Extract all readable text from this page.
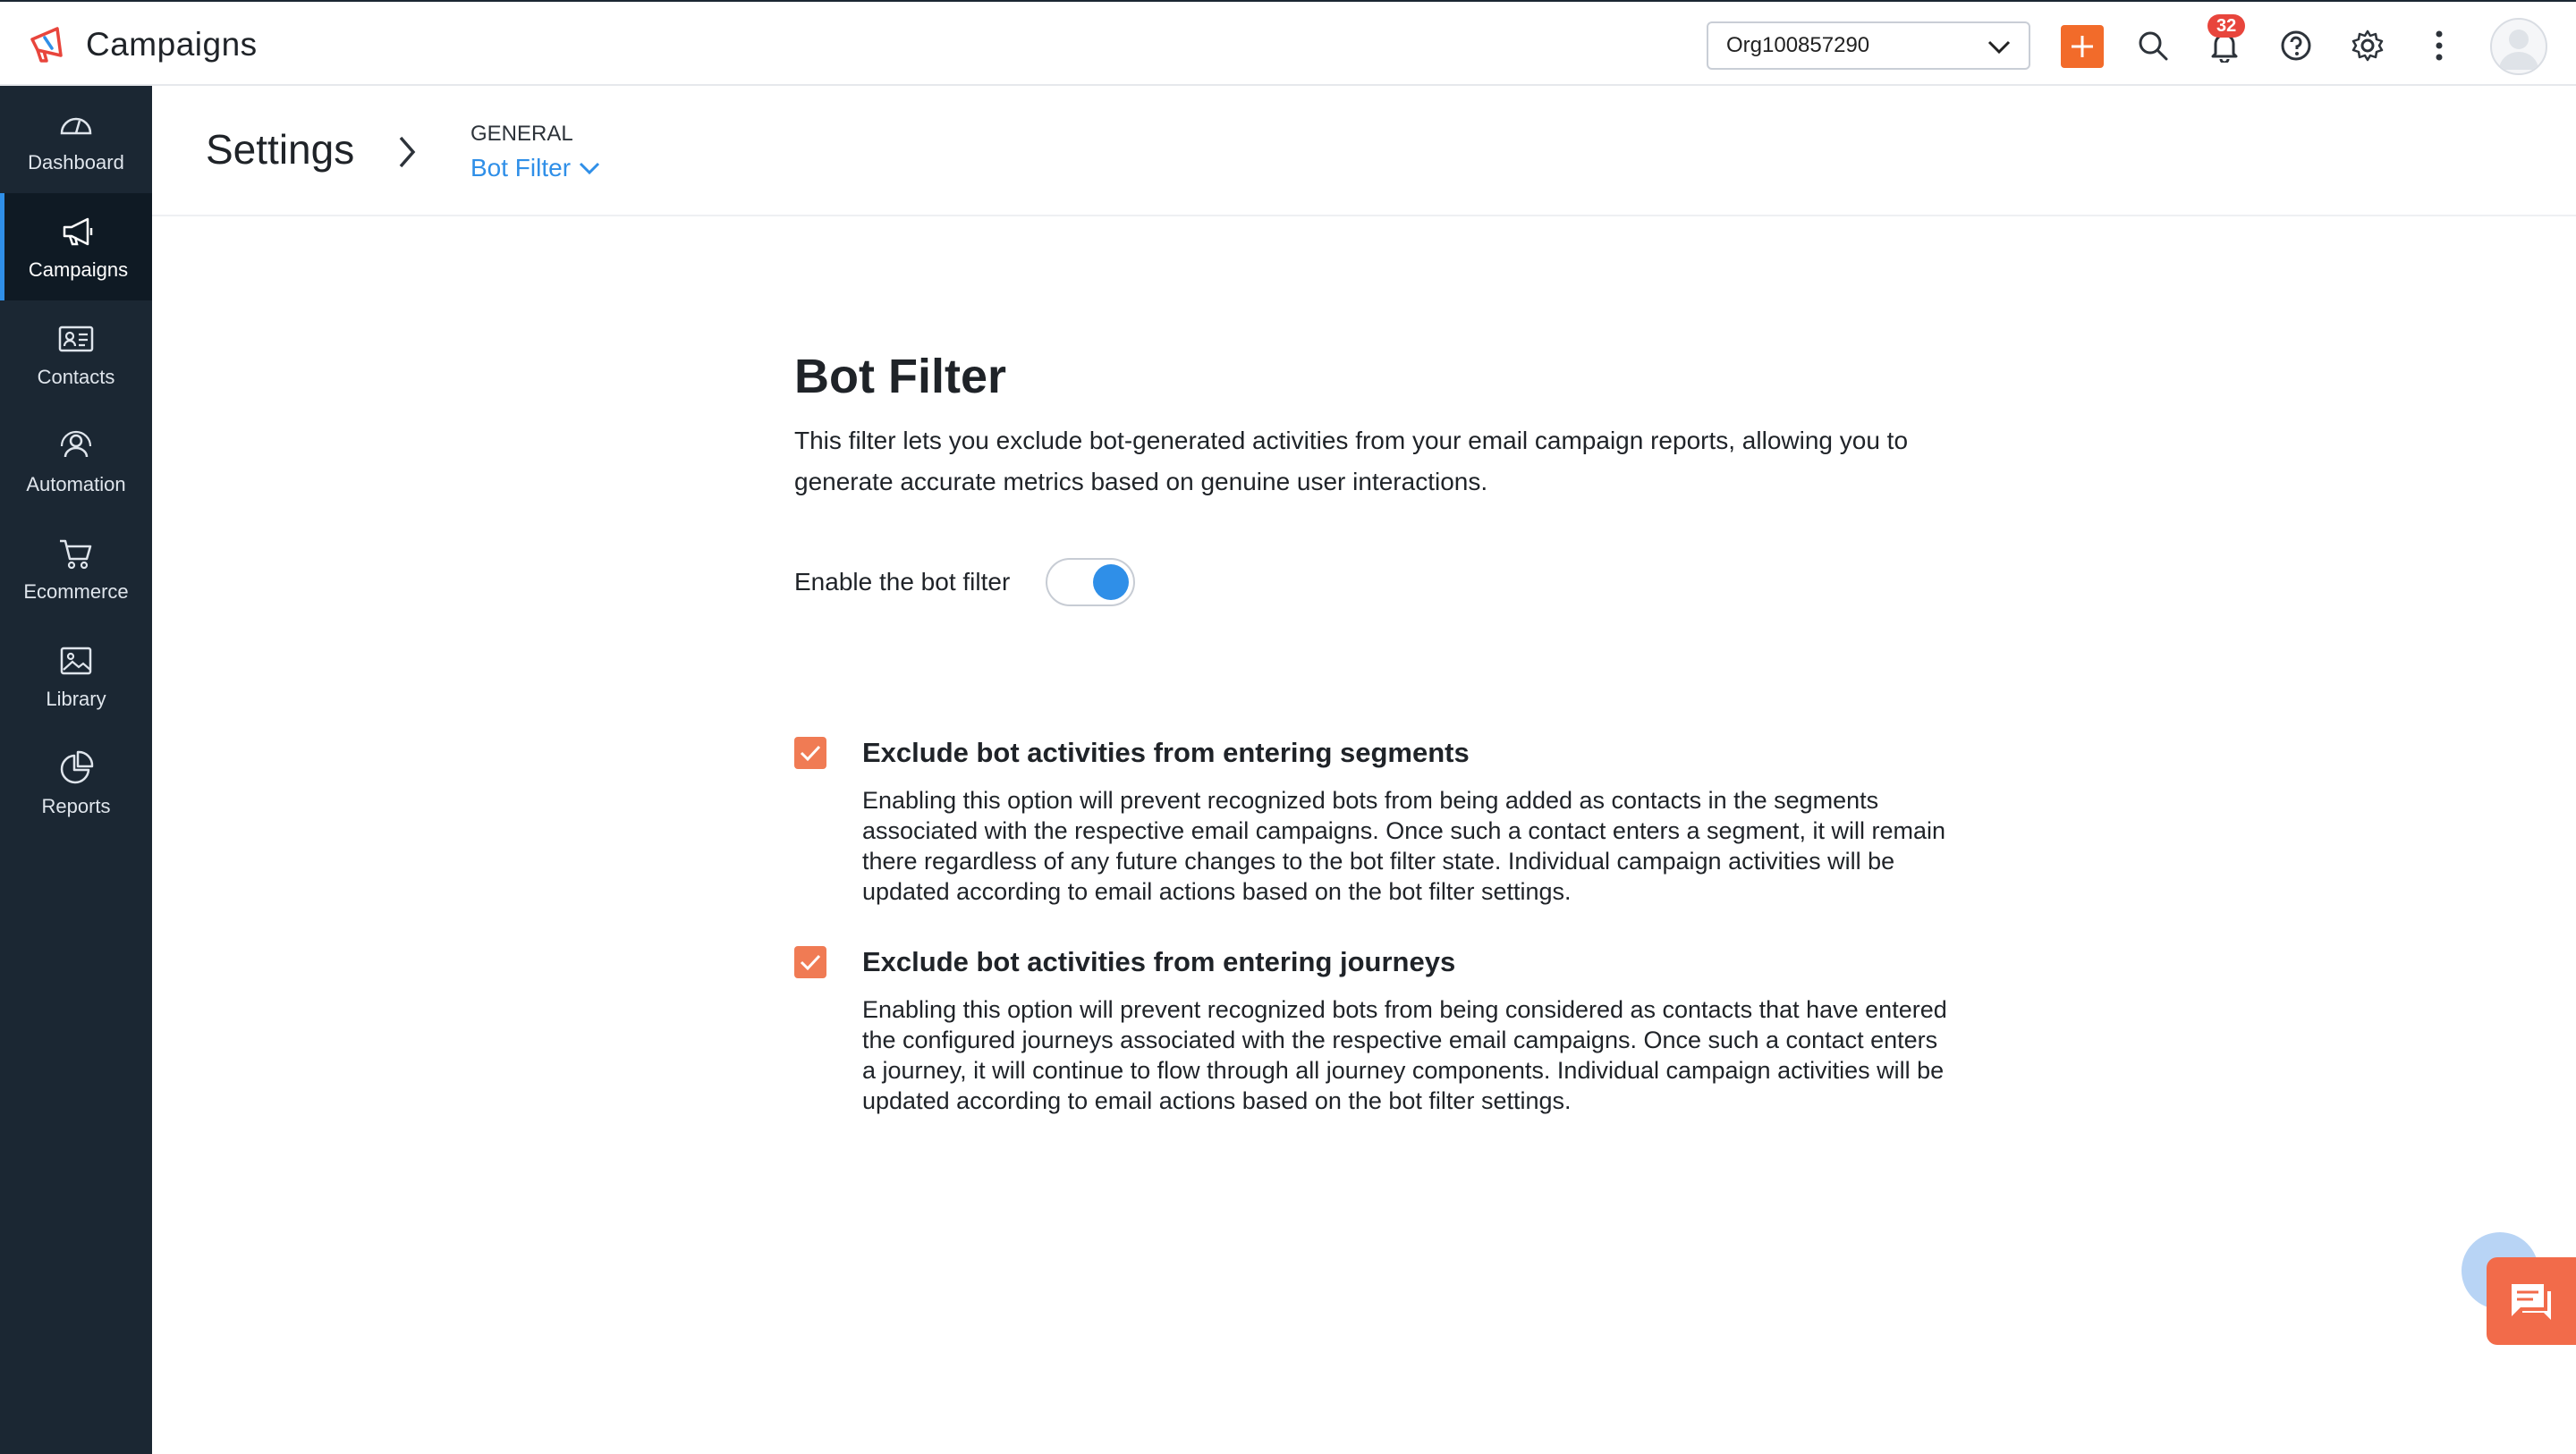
Campaigns	Org100857290
32
Dashboard
Campaigns
Contacts
Automation
Ecommerce
Library
Reports
Settings	GENERAL
Bot Filter
Bot Filter
This filter lets you exclude bot-generated activities from your email campaign reports, allowing you to generate accurate metrics based on genuine user interactions.
Enable the bot filter
Exclude bot activities from entering segments
Enabling this option will prevent recognized bots from being added as contacts in the segments associated with the respective email campaigns. Once such a contact enters a segment, it will remain there regardless of any future changes to the bot filter state. Individual campaign activities will be updated according to email actions based on the bot filter settings.
Exclude bot activities from entering journeys
Enabling this option will prevent recognized bots from being considered as contacts that have entered the configured journeys associated with the respective email campaigns. Once such a contact enters a journey, it will continue to flow through all journey components. Individual campaign activities will be updated according to email actions based on the bot filter settings.
